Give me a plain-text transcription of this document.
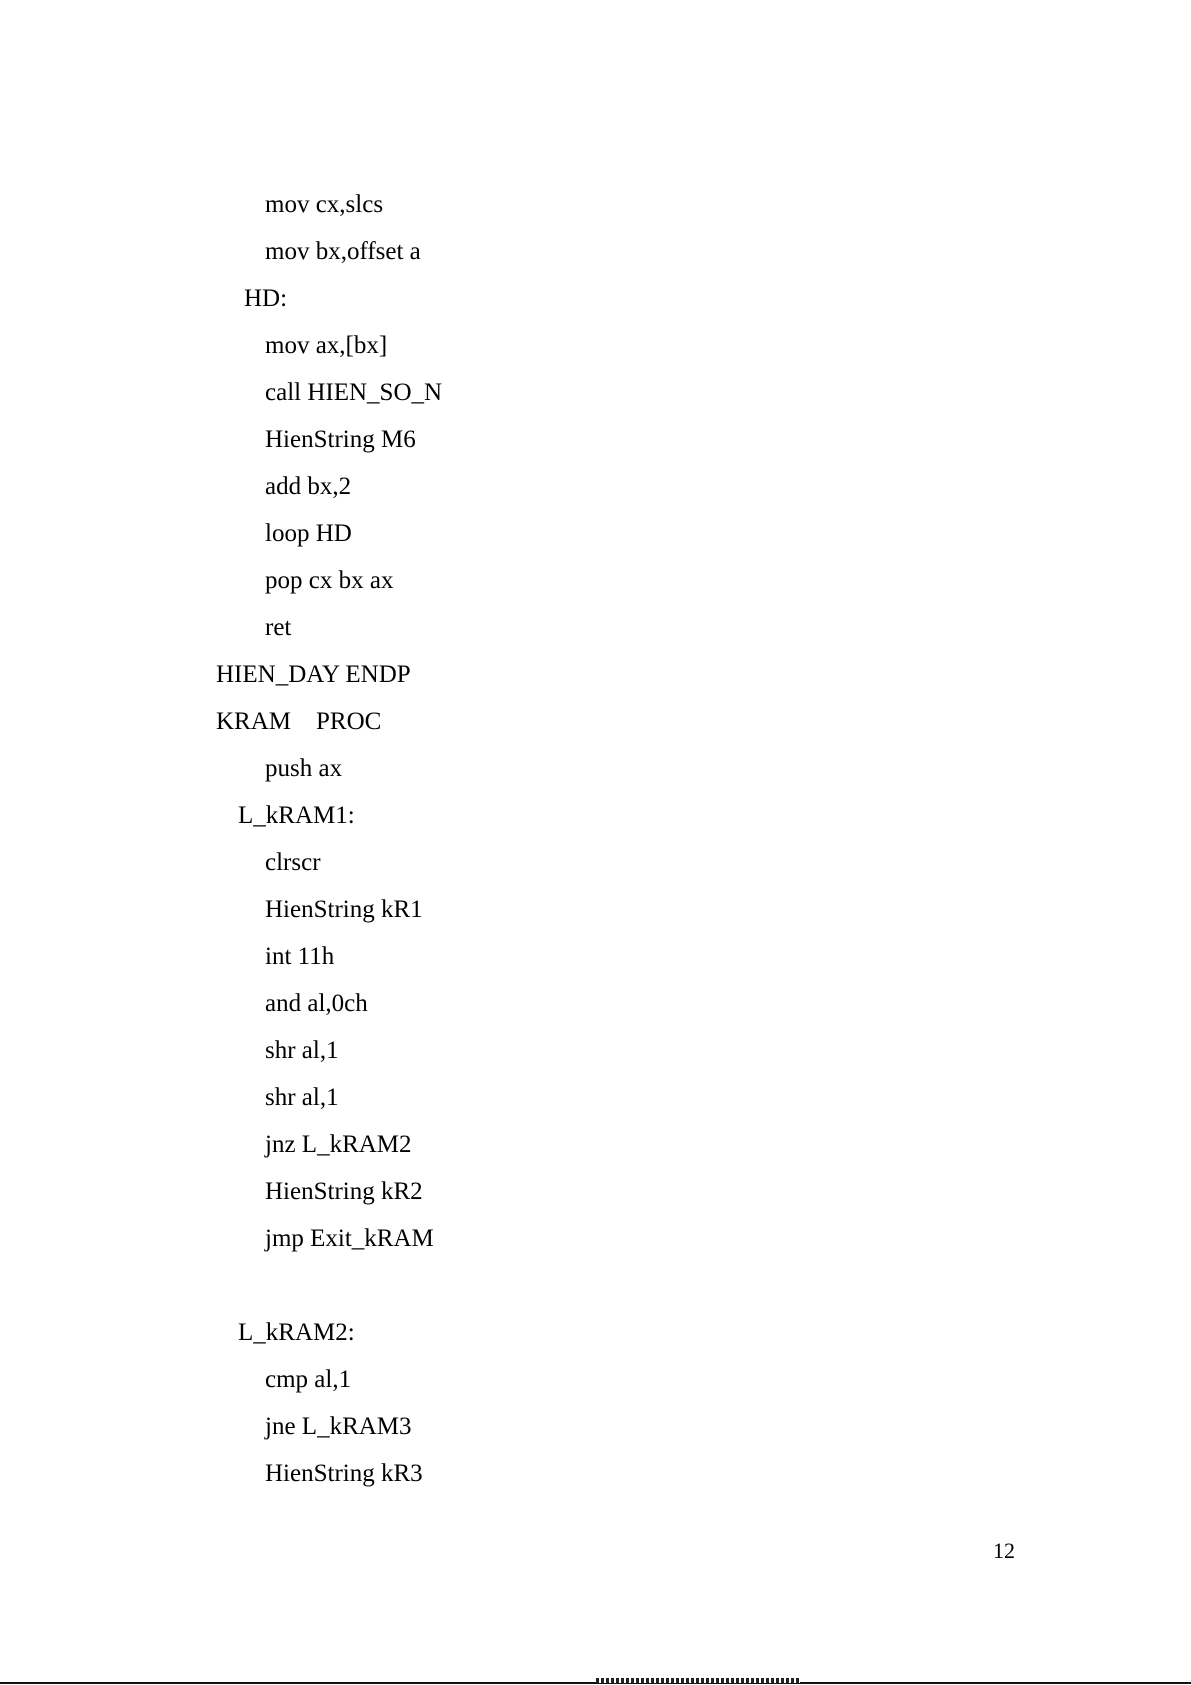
mov cx,slcs
mov bx,offset a
HD:
mov ax,[bx]
call HIEN_SO_N
HienString M6
add bx,2
loop HD
pop cx bx ax
ret
HIEN_DAY ENDP
KRAM    PROC
push ax
L_kRAM1:
clrscr
HienString kR1
int 11h
and al,0ch
shr al,1
shr al,1
jnz L_kRAM2
HienString kR2
jmp Exit_kRAM
L_kRAM2:
cmp al,1
jne L_kRAM3
HienString kR3
12
